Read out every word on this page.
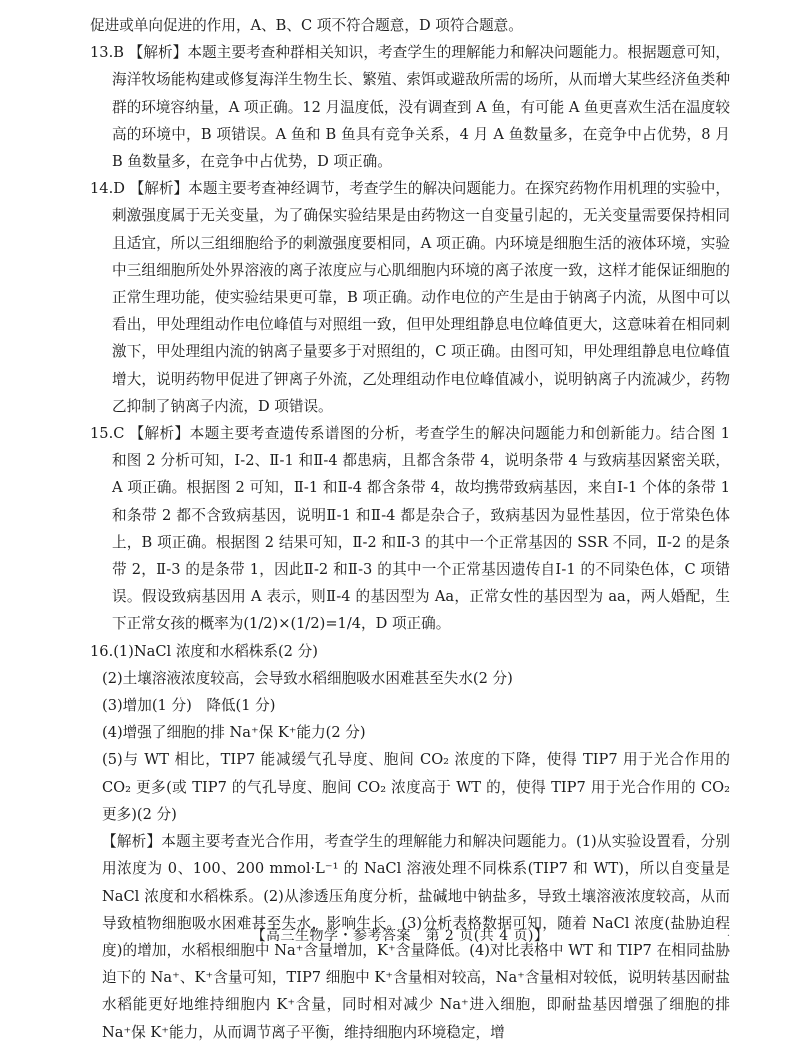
促进或单向促进的作用，A、B、C 项不符合题意，D 项符合题意。

13.B 【解析】本题主要考查种群相关知识，考查学生的理解能力和解决问题能力。根据题意可知，海洋牧场能构建或修复海洋生物生长、繁殖、索饵或避敌所需的场所，从而增大某些经济鱼类种群的环境容纳量，A 项正确。12 月温度低，没有调查到 A 鱼，有可能 A 鱼更喜欢生活在温度较高的环境中，B 项错误。A 鱼和 B 鱼具有竞争关系，4 月 A 鱼数量多，在竞争中占优势，8 月 B 鱼数量多，在竞争中占优势，D 项正确。

14.D 【解析】本题主要考查神经调节，考查学生的解决问题能力。在探究药物作用机理的实验中，刺激强度属于无关变量，为了确保实验结果是由药物这一自变量引起的，无关变量需要保持相同且适宜，所以三组细胞给予的刺激强度要相同，A 项正确。内环境是细胞生活的液体环境，实验中三组细胞所处外界溶液的离子浓度应与心肌细胞内环境的离子浓度一致，这样才能保证细胞的正常生理功能，使实验结果更可靠，B 项正确。动作电位的产生是由于钠离子内流，从图中可以看出，甲处理组动作电位峰值与对照组一致，但甲处理组静息电位峰值更大，这意味着在相同刺激下，甲处理组内流的钠离子量要多于对照组的，C 项正确。由图可知，甲处理组静息电位峰值增大，说明药物甲促进了钾离子外流，乙处理组动作电位峰值减小，说明钠离子内流减少，药物乙抑制了钠离子内流，D 项错误。

15.C 【解析】本题主要考查遗传系谱图的分析，考查学生的解决问题能力和创新能力。结合图 1 和图 2 分析可知，Ⅰ-2、Ⅱ-1 和Ⅱ-4 都患病，且都含条带 4，说明条带 4 与致病基因紧密关联，A 项正确。根据图 2 可知，Ⅱ-1 和Ⅱ-4 都含条带 4，故均携带致病基因，来自Ⅰ-1 个体的条带 1 和条带 2 都不含致病基因，说明Ⅱ-1 和Ⅱ-4 都是杂合子，致病基因为显性基因，位于常染色体上，B 项正确。根据图 2 结果可知，Ⅱ-2 和Ⅱ-3 的其中一个正常基因的 SSR 不同，Ⅱ-2 的是条带 2，Ⅱ-3 的是条带 1，因此Ⅱ-2 和Ⅱ-3 的其中一个正常基因遗传自Ⅰ-1 的不同染色体，C 项错误。假设致病基因用 A 表示，则Ⅱ-4 的基因型为 Aa，正常女性的基因型为 aa，两人婚配，生下正常女孩的概率为(1/2)×(1/2)=1/4，D 项正确。

16.(1)NaCl 浓度和水稻株系(2 分)

(2)土壤溶液浓度较高，会导致水稻细胞吸水困难甚至失水(2 分)

(3)增加(1 分)　降低(1 分)

(4)增强了细胞的排 Na⁺保 K⁺能力(2 分)

(5)与 WT 相比，TIP7 能减缓气孔导度、胞间 CO₂ 浓度的下降，使得 TIP7 用于光合作用的 CO₂ 更多(或 TIP7 的气孔导度、胞间 CO₂ 浓度高于 WT 的，使得 TIP7 用于光合作用的 CO₂ 更多)(2 分)

【解析】本题主要考查光合作用，考查学生的理解能力和解决问题能力。(1)从实验设置看，分别用浓度为 0、100、200 mmol·L⁻¹ 的 NaCl 溶液处理不同株系(TIP7 和 WT)，所以自变量是 NaCl 浓度和水稻株系。(2)从渗透压角度分析，盐碱地中钠盐多，导致土壤溶液浓度较高，从而导致植物细胞吸水困难甚至失水，影响生长。(3)分析表格数据可知，随着 NaCl 浓度(盐胁迫程度)的增加，水稻根细胞中 Na⁺含量增加，K⁺含量降低。(4)对比表格中 WT 和 TIP7 在相同盐胁迫下的 Na⁺、K⁺含量可知，TIP7 细胞中 K⁺含量相对较高，Na⁺含量相对较低，说明转基因耐盐水稻能更好地维持细胞内 K⁺含量，同时相对减少 Na⁺进入细胞，即耐盐基因增强了细胞的排 Na⁺保 K⁺能力，从而调节离子平衡，维持细胞内环境稳定，增

【高三生物学・参考答案　第 2 页(共 4 页)】	·
